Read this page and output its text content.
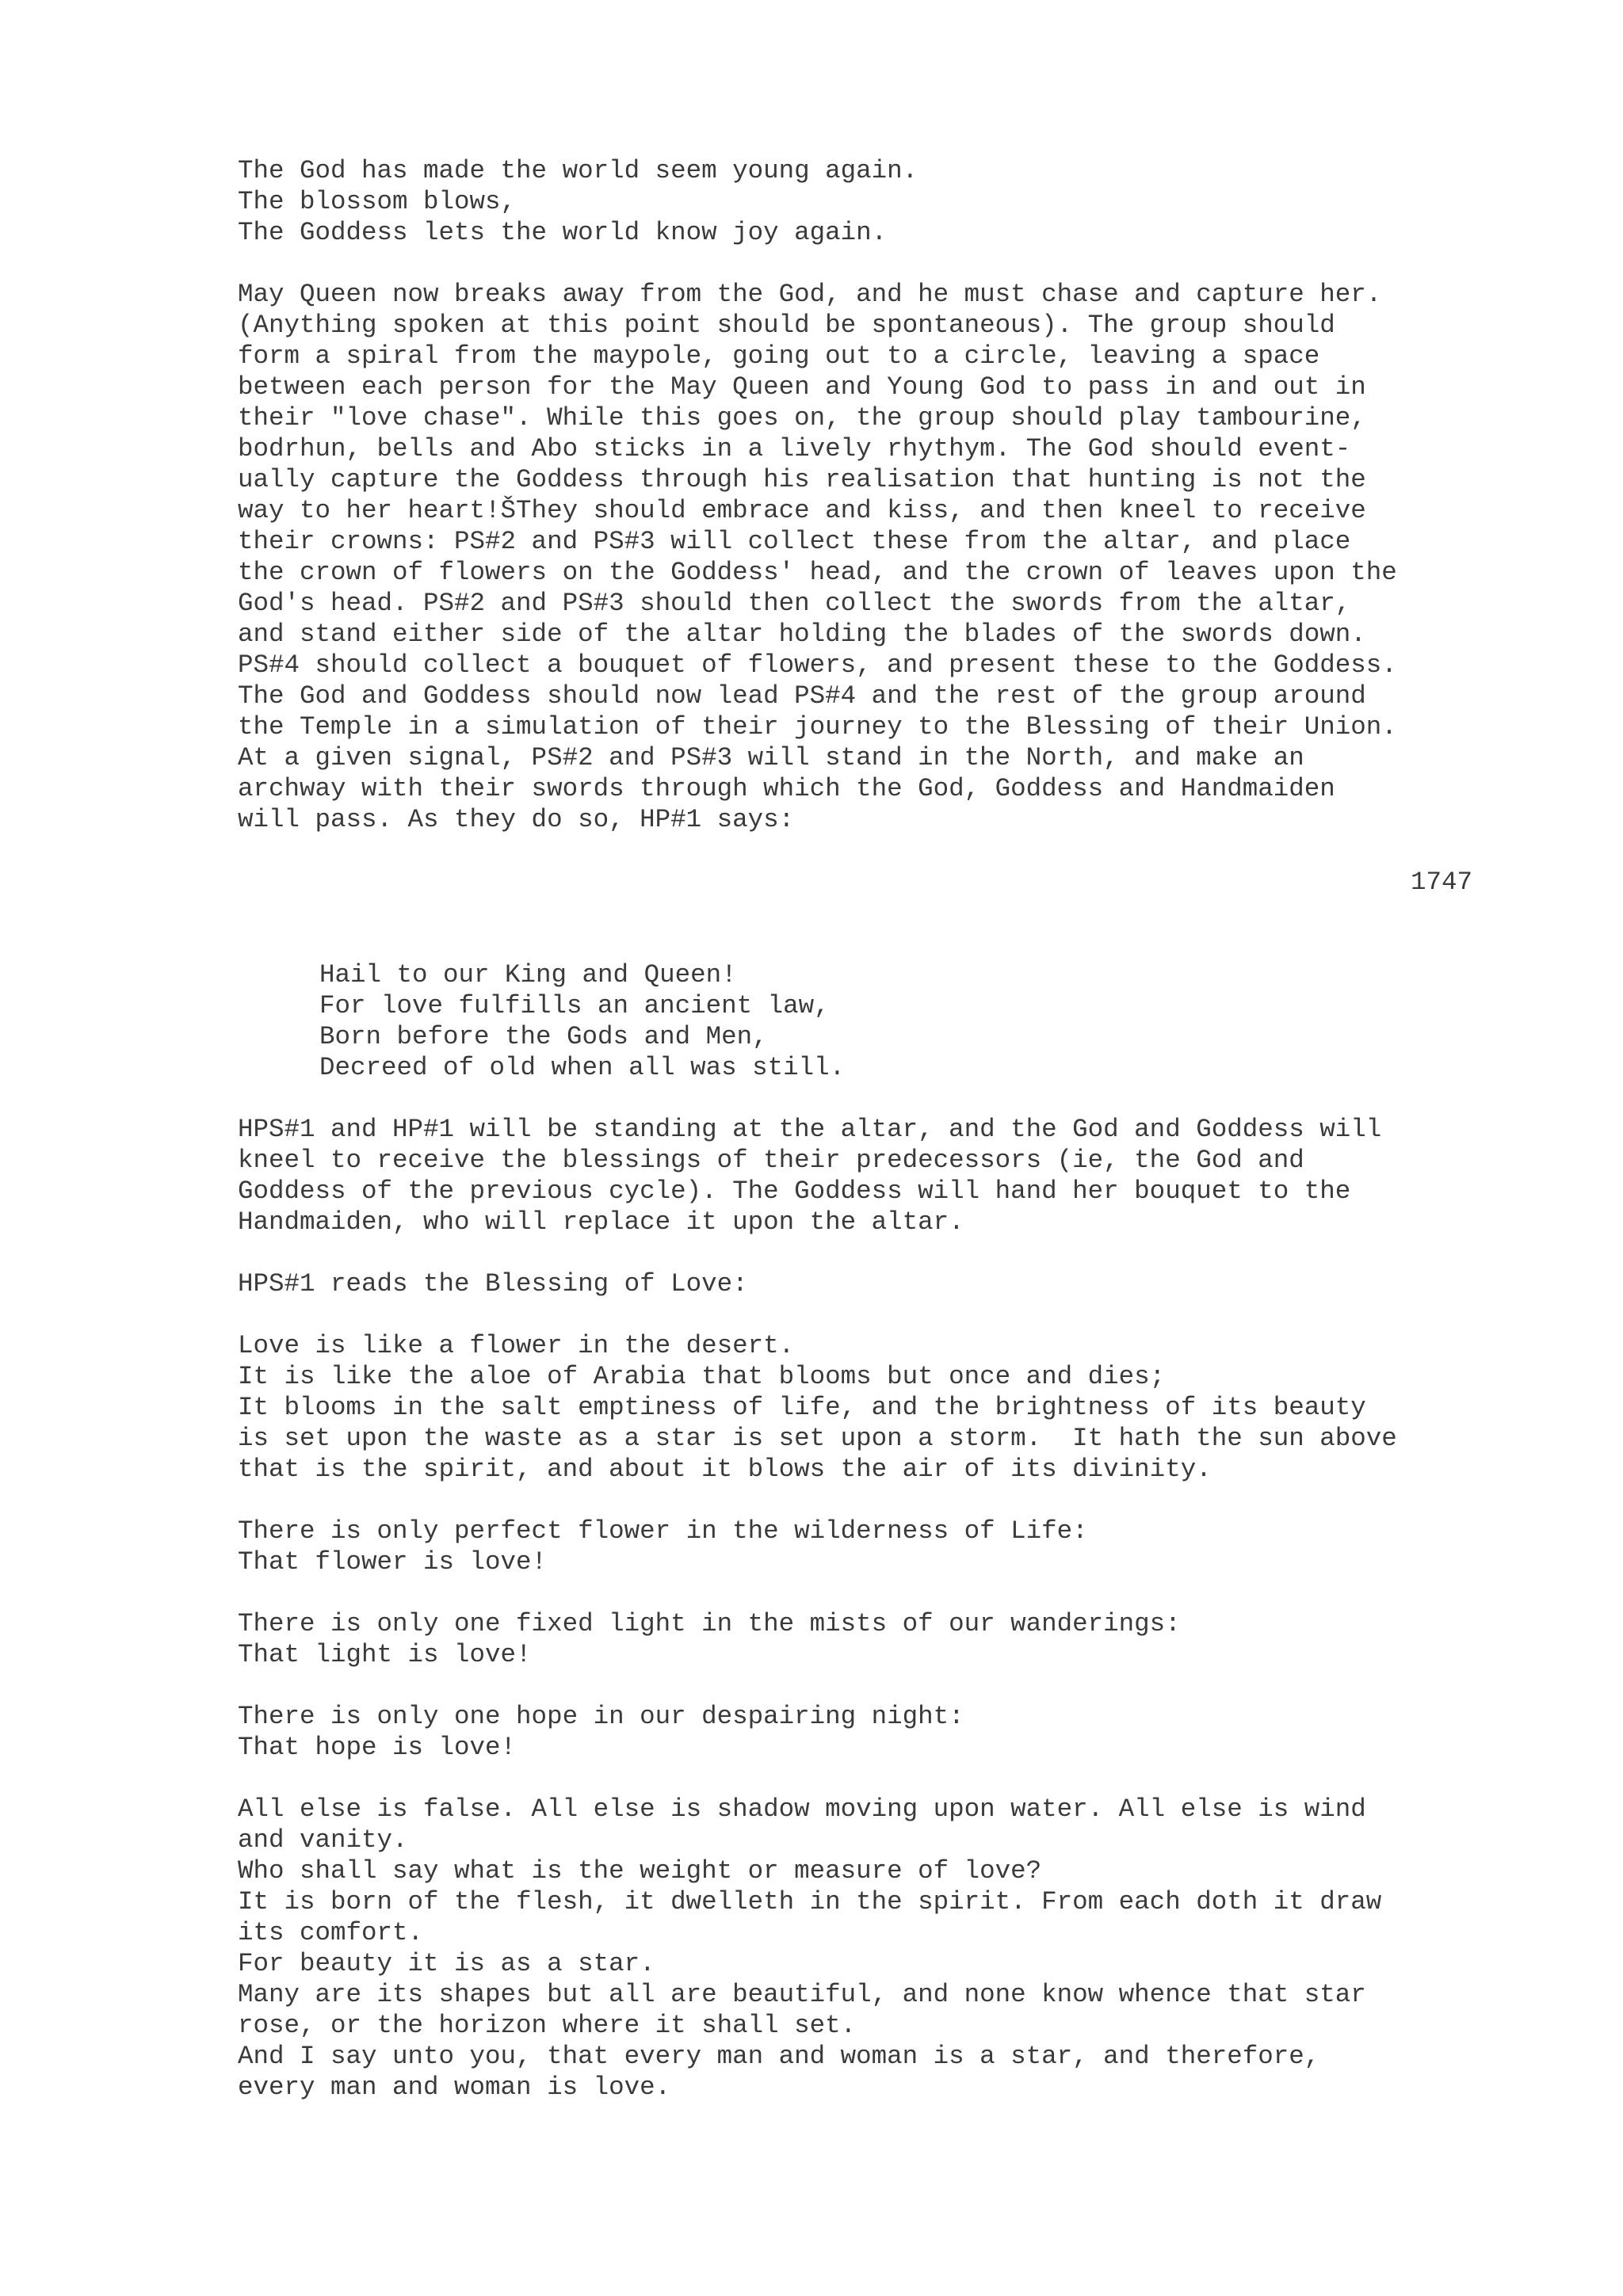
The God has made the world seem young again.
The blossom blows,
The Goddess lets the world know joy again.
May Queen now breaks away from the God, and he must chase and capture her.
(Anything spoken at this point should be spontaneous). The group should
form a spiral from the maypole, going out to a circle, leaving a space
between each person for the May Queen and Young God to pass in and out in
their "love chase". While this goes on, the group should play tambourine,
bodrhun, bells and Abo sticks in a lively rhythym. The God should event-
ually capture the Goddess through his realisation that hunting is not the
way to her heart!ŠThey should embrace and kiss, and then kneel to receive
their crowns: PS#2 and PS#3 will collect these from the altar, and place
the crown of flowers on the Goddess' head, and the crown of leaves upon the
God's head. PS#2 and PS#3 should then collect the swords from the altar,
and stand either side of the altar holding the blades of the swords down.
PS#4 should collect a bouquet of flowers, and present these to the Goddess.
The God and Goddess should now lead PS#4 and the rest of the group around
the Temple in a simulation of their journey to the Blessing of their Union.
At a given signal, PS#2 and PS#3 will stand in the North, and make an
archway with their swords through which the God, Goddess and Handmaiden
will pass. As they do so, HP#1 says:
1747
Hail to our King and Queen!
For love fulfills an ancient law,
Born before the Gods and Men,
Decreed of old when all was still.
HPS#1 and HP#1 will be standing at the altar, and the God and Goddess will
kneel to receive the blessings of their predecessors (ie, the God and
Goddess of the previous cycle). The Goddess will hand her bouquet to the
Handmaiden, who will replace it upon the altar.
HPS#1 reads the Blessing of Love:
Love is like a flower in the desert.
It is like the aloe of Arabia that blooms but once and dies;
It blooms in the salt emptiness of life, and the brightness of its beauty
is set upon the waste as a star is set upon a storm.  It hath the sun above
that is the spirit, and about it blows the air of its divinity.
There is only perfect flower in the wilderness of Life:
That flower is love!
There is only one fixed light in the mists of our wanderings:
That light is love!
There is only one hope in our despairing night:
That hope is love!
All else is false. All else is shadow moving upon water. All else is wind
and vanity.
Who shall say what is the weight or measure of love?
It is born of the flesh, it dwelleth in the spirit. From each doth it draw
its comfort.
For beauty it is as a star.
Many are its shapes but all are beautiful, and none know whence that star
rose, or the horizon where it shall set.
And I say unto you, that every man and woman is a star, and therefore,
every man and woman is love.
